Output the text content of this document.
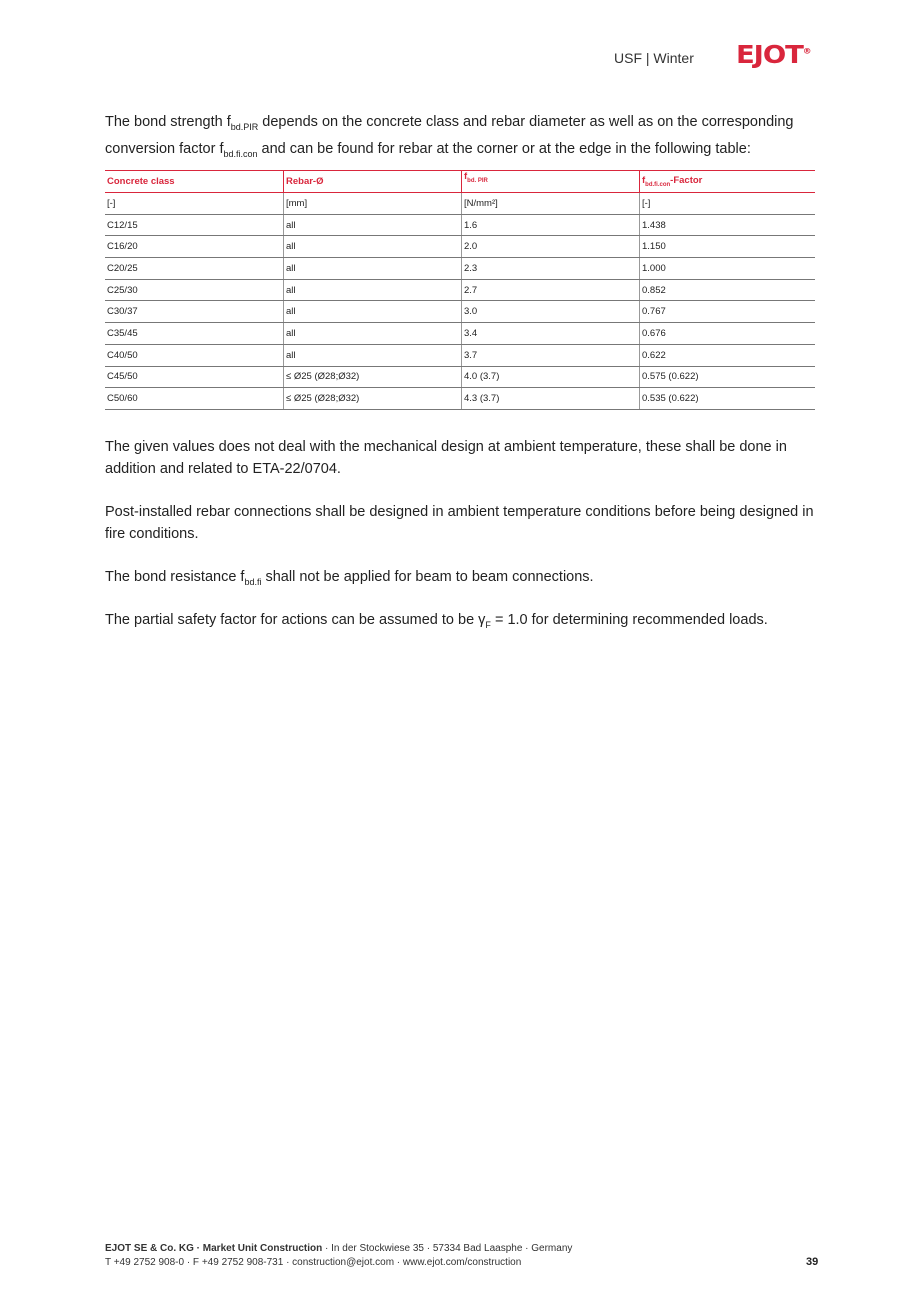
USF | Winter EJOT®
The bond strength $f_{bd.PIR}$ depends on the concrete class and rebar diameter as well as on the corresponding conversion factor $f_{bd.fi.con}$ and can be found for rebar at the corner or at the edge in the following table:
Concrete class	Rebar-Ø	$f_{bd. PIR}$	$f_{bd.fi.con}$-Factor
[-]	[mm]	[N/mm²]	[-]
C12/15	all	1.6	1.438
C16/20	all	2.0	1.150
C20/25	all	2.3	1.000
C25/30	all	2.7	0.852
C30/37	all	3.0	0.767
C35/45	all	3.4	0.676
C40/50	all	3.7	0.622
C45/50	≤ Ø25 (Ø28;Ø32)	4.0 (3.7)	0.575 (0.622)
C50/60	≤ Ø25 (Ø28;Ø32)	4.3 (3.7)	0.535 (0.622)
The given values does not deal with the mechanical design at ambient temperature, these shall be done in addition and related to ETA-22/0704.
Post-installed rebar connections shall be designed in ambient temperature conditions before being designed in fire conditions.
The bond resistance $f_{bd.fi}$ shall not be applied for beam to beam connections.
The partial safety factor for actions can be assumed to be $\gamma_F = 1.0$ for determining recommended loads.
EJOT SE & Co. KG · Market Unit Construction · In der Stockwiese 35 · 57334 Bad Laasphe · Germany
T +49 2752 908-0 · F +49 2752 908-731 · construction@ejot.com · www.ejot.com/construction	39
